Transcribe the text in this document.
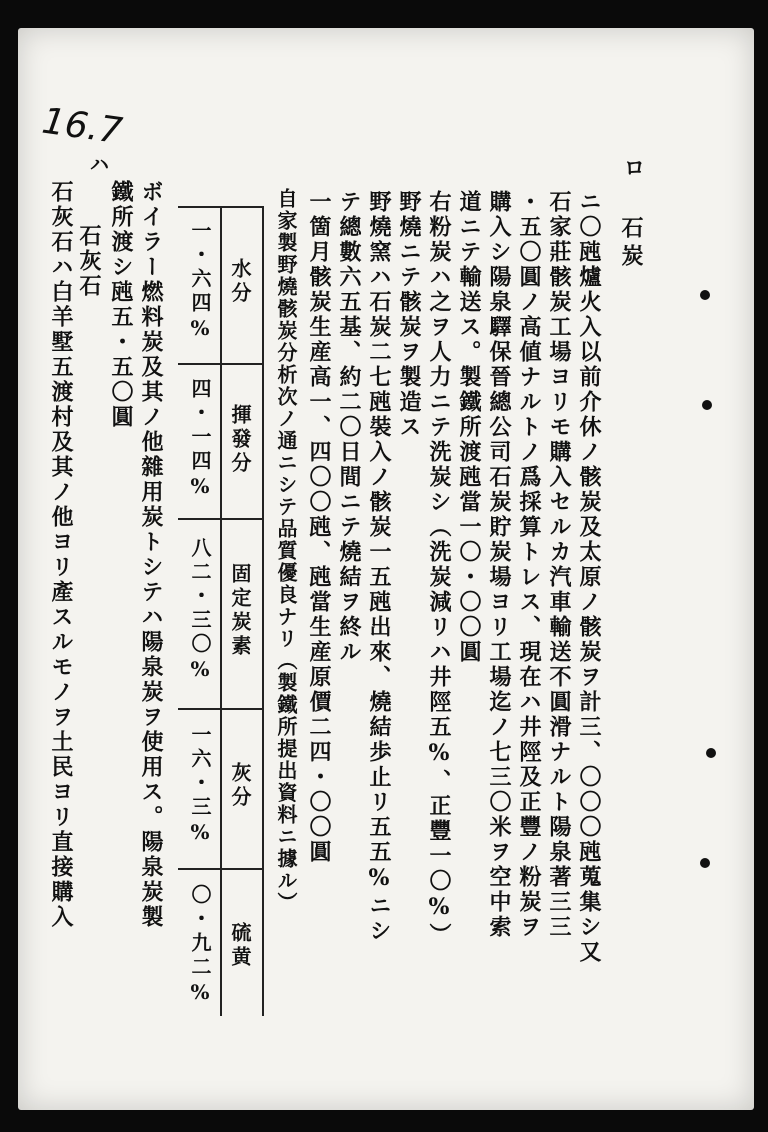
16.7
ロ
石炭
ニ〇瓲爐火入以前介休ノ骸炭及太原ノ骸炭ヲ計三、〇〇〇瓲蒐集シ又
石家莊骸炭工場ヨリモ購入セルカ汽車輸送不圓滑ナルト陽泉著三三
・五〇圓ノ高値ナルトノ爲採算トレス、現在ハ井陘及正豐ノ粉炭ヲ
購入シ陽泉驛保晉總公司石炭貯炭場ヨリ工場迄ノ七三〇米ヲ空中索
道ニテ輸送ス。製鐵所渡瓲當一〇・〇〇圓
右粉炭ハ之ヲ人力ニテ洗炭シ（洗炭減リハ井陘五%、正豐一〇%）
野燒ニテ骸炭ヲ製造ス
野燒窯ハ石炭二七瓲裝入ノ骸炭一五瓲出來、燒結歩止リ五五%ニシ
テ總數六五基、約二〇日間ニテ燒結ヲ終ル
一箇月骸炭生産高一、四〇〇瓲、瓲當生産原價二四・〇〇圓
自家製野燒骸炭分析次ノ通ニシテ品質優良ナリ（製鐵所提出資料ニ據ル）
水分
揮發分
固定炭素
灰分
硫黄
一・六四%
四・一四%
八二・三〇%
一六・三%
〇・九二%
ボイラー燃料炭及其ノ他雜用炭トシテハ陽泉炭ヲ使用ス。陽泉炭製
鐵所渡シ瓲五・五〇圓
ハ
石灰石
石灰石ハ白羊墅五渡村及其ノ他ヨリ產スルモノヲ土民ヨリ直接購入
